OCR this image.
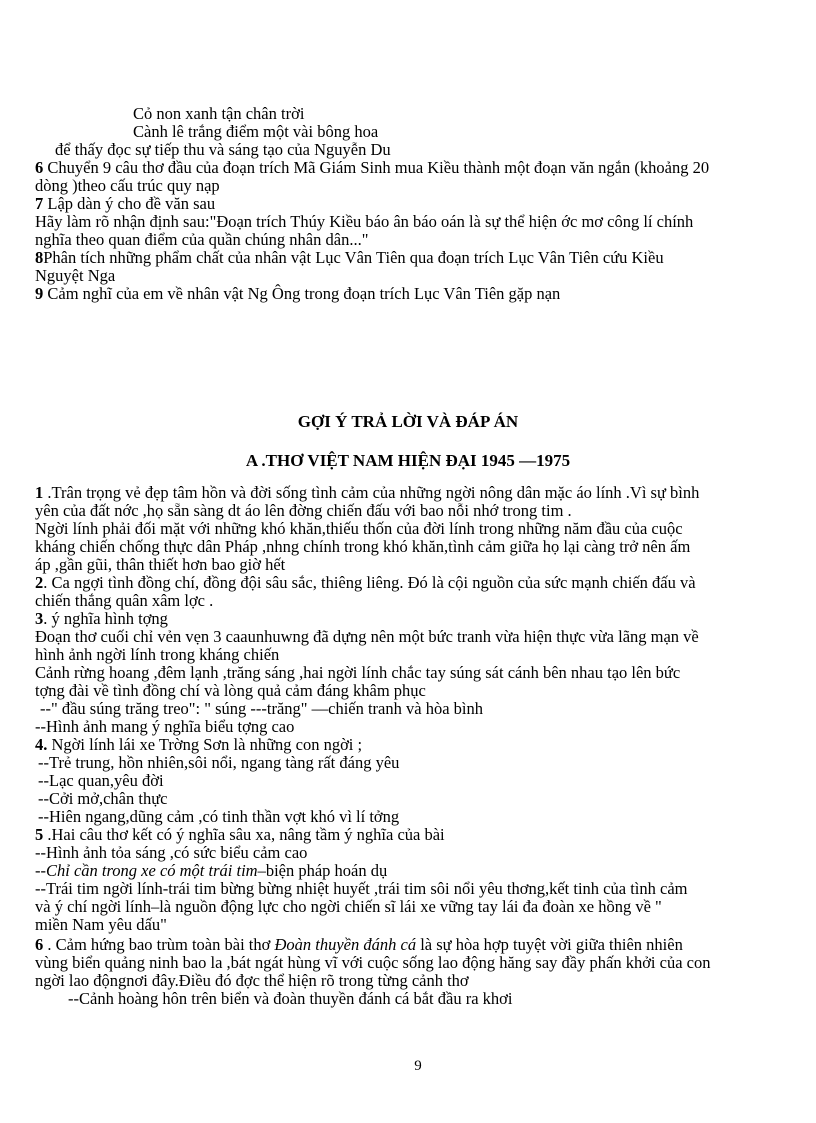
Cỏ non xanh tận chân trời
Cành lê trắng điểm một vài bông hoa
để thấy đọc sự tiếp thu và sáng tạo của Nguyễn Du
6 Chuyển 9 câu thơ đầu của đoạn trích Mã Giám Sinh mua Kiều thành một đoạn văn ngắn (khoảng 20
dòng )theo cấu trúc quy nạp
7 Lập dàn ý cho đề văn sau
Hãy làm rõ nhận định sau:"Đoạn trích Thúy Kiều báo ân báo oán là sự thể hiện ớc mơ công lí chính
nghĩa theo quan điểm của quần chúng nhân dân..."
8Phân tích những phẩm chất của nhân vật Lục Vân Tiên qua đoạn trích Lục Vân Tiên cứu Kiều
Nguyệt Nga
9 Cảm nghĩ của em về nhân vật Ng Ông trong đoạn trích Lục Vân Tiên gặp nạn
GỢI Ý TRẢ LỜI VÀ ĐÁP ÁN
A .THƠ VIỆT NAM HIỆN ĐẠI 1945 —1975
1 .Trân trọng vẻ đẹp tâm hồn và đời sống tình cảm của những ngời nông dân mặc áo lính .Vì sự bình
yên của đất nớc ,họ sẵn sàng dt áo lên đờng chiến đấu với bao nỗi nhớ trong tim .
Ngời lính phải đối mặt với những khó khăn,thiếu thốn của đời lính trong những năm đầu của cuộc
kháng chiến chống thực dân Pháp ,nhng chính trong khó khăn,tình cảm giữa họ lại càng trở nên ấm
áp ,gần gũi, thân thiết hơn bao giờ hết
2. Ca ngợi tình đồng chí, đồng đội sâu sắc, thiêng liêng. Đó là cội nguồn của sức mạnh chiến đấu và
chiến thắng quân xâm lợc .
3. ý nghĩa hình tợng
Đoạn thơ cuối chỉ vẻn vẹn 3 caaunhuwng đã dựng nên một bức tranh vừa hiện thực vừa lãng mạn về
hình ảnh ngời lính trong kháng chiến
Cảnh rừng hoang ,đêm lạnh ,trăng sáng ,hai ngời lính chắc tay súng sát cánh bên nhau tạo lên bức
tợng đài về tình đồng chí và lòng quả cảm đáng khâm phục
--" đầu súng trăng treo": " súng ---trăng" —chiến tranh và hòa bình
--Hình ảnh mang ý nghĩa biểu tợng cao
4. Ngời lính lái xe Trờng Sơn là những con ngời ;
--Trẻ trung, hồn nhiên,sôi nổi, ngang tàng rất đáng yêu
--Lạc quan,yêu đời
--Cởi mở,chân thực
--Hiên ngang,dũng cảm ,có tinh thần vợt khó vì lí tởng
5 .Hai câu thơ kết có ý nghĩa sâu xa, nâng tầm ý nghĩa của bài
--Hình ảnh tỏa sáng ,có sức biểu cảm cao
--Chỉ cần trong xe có một trái tim–biện pháp hoán dụ
--Trái tim ngời lính-trái tim bừng bừng nhiệt huyết ,trái tim sôi nổi yêu thơng,kết tinh của tình cảm
và ý chí ngời lính–là nguồn động lực cho ngời chiến sĩ lái xe vững tay lái đa đoàn xe hồng về "
miền Nam yêu dấu"
6 . Cảm hứng bao trùm toàn bài thơ Đoàn thuyền đánh cá là sự hòa hợp tuyệt vời giữa thiên nhiên
vùng biển quảng ninh bao la ,bát ngát hùng vĩ với cuộc sống lao động hăng say đầy phấn khởi của con
ngời lao độngnơi đây.Điều đó đợc thể hiện rõ trong từng cảnh thơ
--Cảnh hoàng hôn trên biển và đoàn thuyền đánh cá bắt đầu ra khơi
9
